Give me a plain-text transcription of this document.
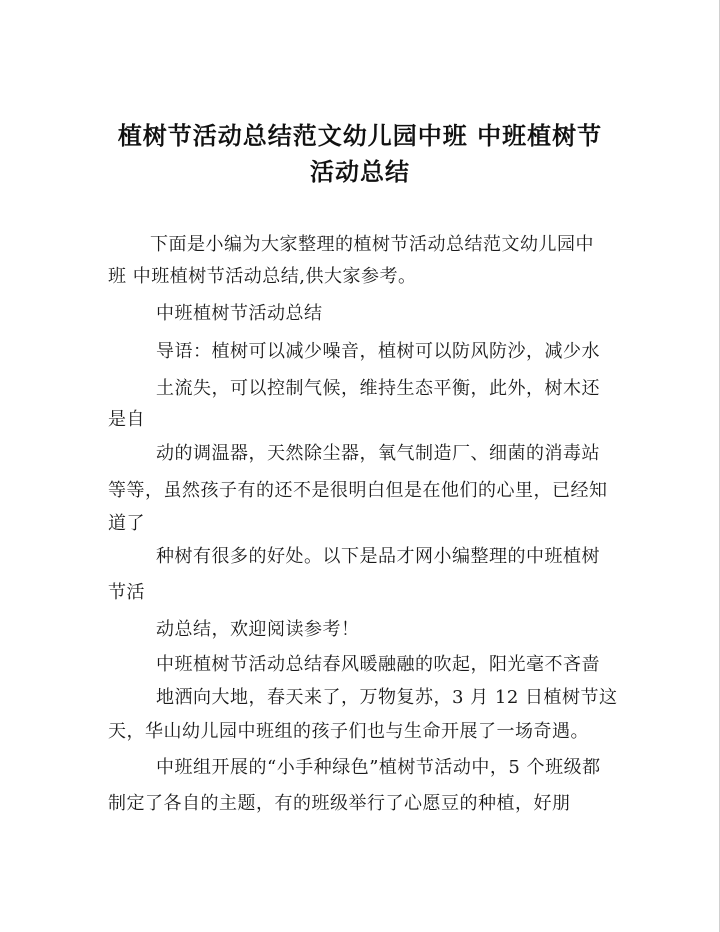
植树节活动总结范文幼儿园中班 中班植树节
活动总结

下面是小编为大家整理的植树节活动总结范文幼儿园中

班 中班植树节活动总结,供大家参考。

中班植树节活动总结

导语：植树可以减少噪音，植树可以防风防沙，减少水

土流失，可以控制气候，维持生态平衡，此外，树木还

是自

动的调温器，天然除尘器，氧气制造厂、细菌的消毒站

等等，虽然孩子有的还不是很明白但是在他们的心里，已经知

道了

种树有很多的好处。以下是品才网小编整理的中班植树

节活

动总结，欢迎阅读参考！

中班植树节活动总结春风暖融融的吹起，阳光毫不吝啬

地洒向大地，春天来了，万物复苏，3 月 12 日植树节这

天，华山幼儿园中班组的孩子们也与生命开展了一场奇遇。

中班组开展的“小手种绿色”植树节活动中，5 个班级都

制定了各自的主题，有的班级举行了心愿豆的种植，好朋
